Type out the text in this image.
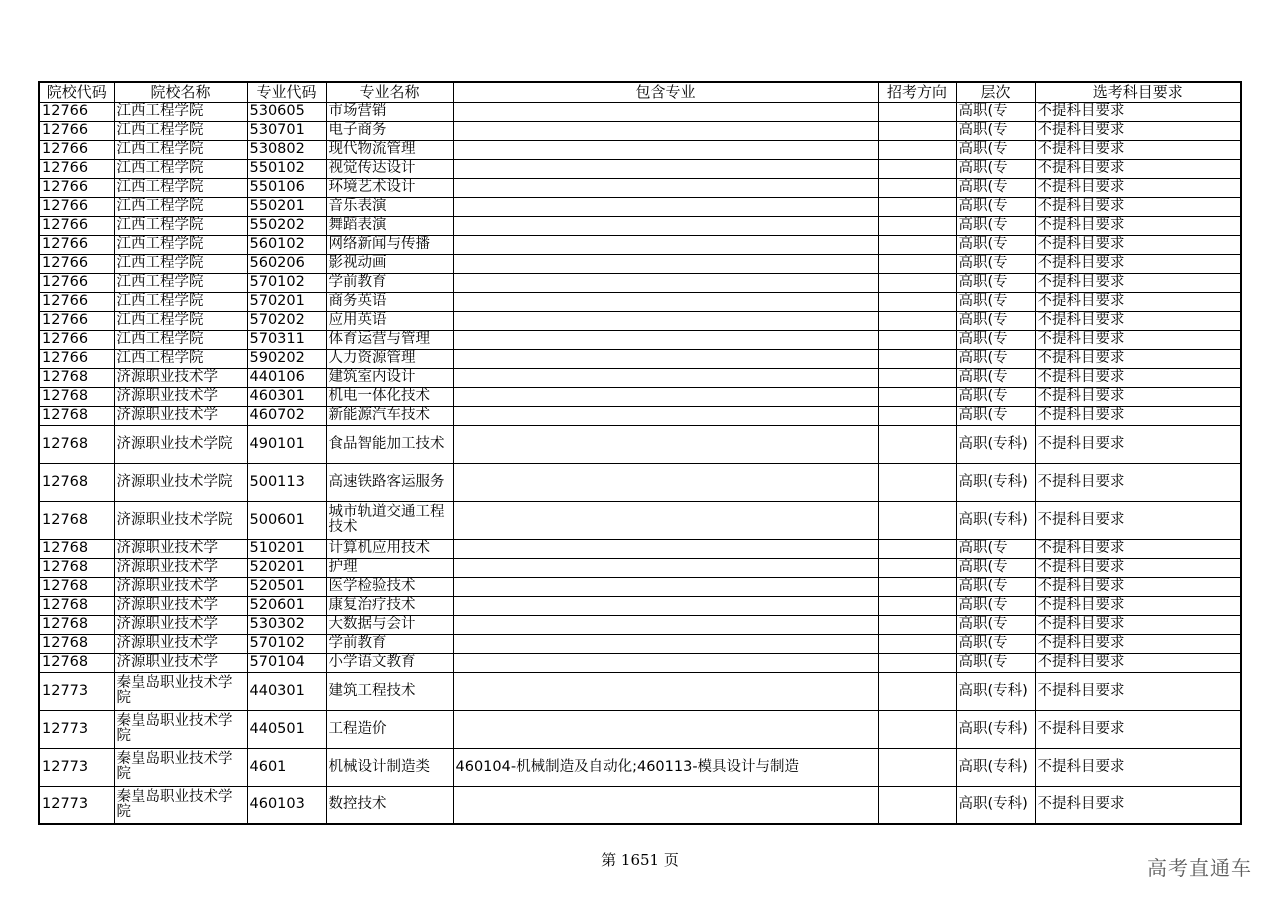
院校代码	院校名称	专业代码	专业名称	包含专业	招考方向	层次	选考科目要求
12766	江西工程学院	530605	市场营销			高职(专	不提科目要求
12766	江西工程学院	530701	电子商务			高职(专	不提科目要求
12766	江西工程学院	530802	现代物流管理			高职(专	不提科目要求
12766	江西工程学院	550102	视觉传达设计			高职(专	不提科目要求
12766	江西工程学院	550106	环境艺术设计			高职(专	不提科目要求
12766	江西工程学院	550201	音乐表演			高职(专	不提科目要求
12766	江西工程学院	550202	舞蹈表演			高职(专	不提科目要求
12766	江西工程学院	560102	网络新闻与传播			高职(专	不提科目要求
12766	江西工程学院	560206	影视动画			高职(专	不提科目要求
12766	江西工程学院	570102	学前教育			高职(专	不提科目要求
12766	江西工程学院	570201	商务英语			高职(专	不提科目要求
12766	江西工程学院	570202	应用英语			高职(专	不提科目要求
12766	江西工程学院	570311	体育运营与管理			高职(专	不提科目要求
12766	江西工程学院	590202	人力资源管理			高职(专	不提科目要求
12768	济源职业技术学	440106	建筑室内设计			高职(专	不提科目要求
12768	济源职业技术学	460301	机电一体化技术			高职(专	不提科目要求
12768	济源职业技术学	460702	新能源汽车技术			高职(专	不提科目要求
12768	济源职业技术学院	490101	食品智能加工技术			高职(专科)	不提科目要求
12768	济源职业技术学院	500113	高速铁路客运服务			高职(专科)	不提科目要求
12768	济源职业技术学院	500601	城市轨道交通工程技术			高职(专科)	不提科目要求
12768	济源职业技术学	510201	计算机应用技术			高职(专	不提科目要求
12768	济源职业技术学	520201	护理			高职(专	不提科目要求
12768	济源职业技术学	520501	医学检验技术			高职(专	不提科目要求
12768	济源职业技术学	520601	康复治疗技术			高职(专	不提科目要求
12768	济源职业技术学	530302	大数据与会计			高职(专	不提科目要求
12768	济源职业技术学	570102	学前教育			高职(专	不提科目要求
12768	济源职业技术学	570104	小学语文教育			高职(专	不提科目要求
12773	秦皇岛职业技术学院	440301	建筑工程技术			高职(专科)	不提科目要求
12773	秦皇岛职业技术学院	440501	工程造价			高职(专科)	不提科目要求
12773	秦皇岛职业技术学院	4601	机械设计制造类	460104-机械制造及自动化;460113-模具设计与制造		高职(专科)	不提科目要求
12773	秦皇岛职业技术学院	460103	数控技术			高职(专科)	不提科目要求
第 1651 页	高考直通车
